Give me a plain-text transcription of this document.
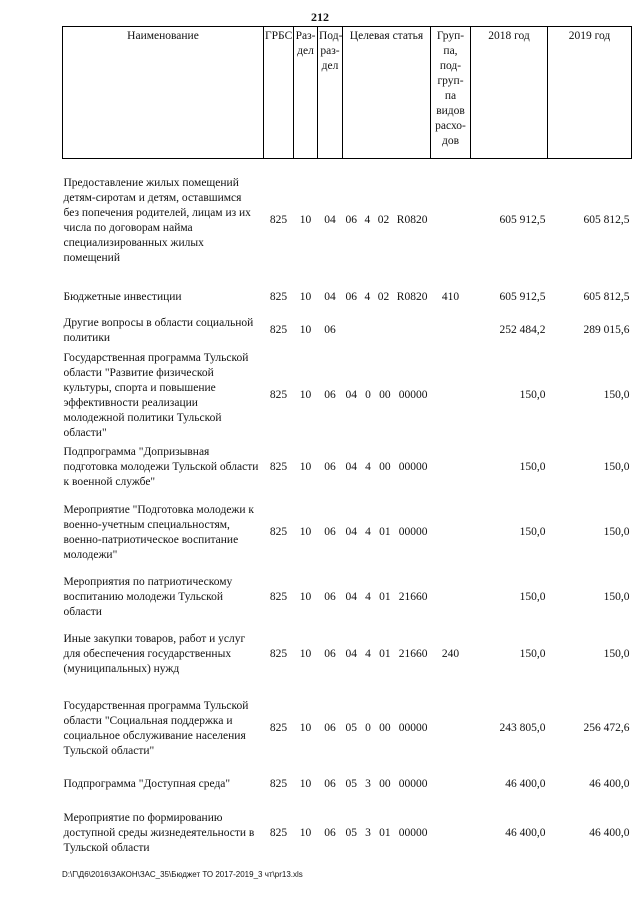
212
Наименование	ГРБС	Раз-дел	Под-раз-дел	Целевая статья	Груп-па, под-груп-па видов расхо-дов	2018 год	2019 год
Предоставление жилых помещений детям-сиротам и детям, оставшимся без попечения родителей, лицам из их числа по договорам найма специализированных жилых помещений	825	10	04	06 4 02 R0820		605 912,5	605 812,5
Бюджетные инвестиции	825	10	04	06 4 02 R0820	410	605 912,5	605 812,5
Другие вопросы в области социальной политики	825	10	06			252 484,2	289 015,6
Государственная программа Тульской области "Развитие физической культуры, спорта и повышение эффективности реализации молодежной политики Тульской области"	825	10	06	04 0 00 00000		150,0	150,0
Подпрограмма "Допризывная подготовка молодежи Тульской области к военной службе"	825	10	06	04 4 00 00000		150,0	150,0
Мероприятие "Подготовка молодежи к военно-учетным специальностям, военно-патриотическое воспитание молодежи"	825	10	06	04 4 01 00000		150,0	150,0
Мероприятия по патриотическому воспитанию молодежи Тульской области	825	10	06	04 4 01 21660		150,0	150,0
Иные закупки товаров, работ и услуг для обеспечения государственных (муниципальных) нужд	825	10	06	04 4 01 21660	240	150,0	150,0
Государственная программа Тульской области "Социальная поддержка и социальное обслуживание населения Тульской области"	825	10	06	05 0 00 00000		243 805,0	256 472,6
Подпрограмма "Доступная среда"	825	10	06	05 3 00 00000		46 400,0	46 400,0
Мероприятие по формированию доступной среды жизнедеятельности в Тульской области	825	10	06	05 3 01 00000		46 400,0	46 400,0
D:\Г\Д6\2016\ЗАКОН\ЗАС_35\Бюджет ТО 2017-2019_3 чт\pr13.xls
